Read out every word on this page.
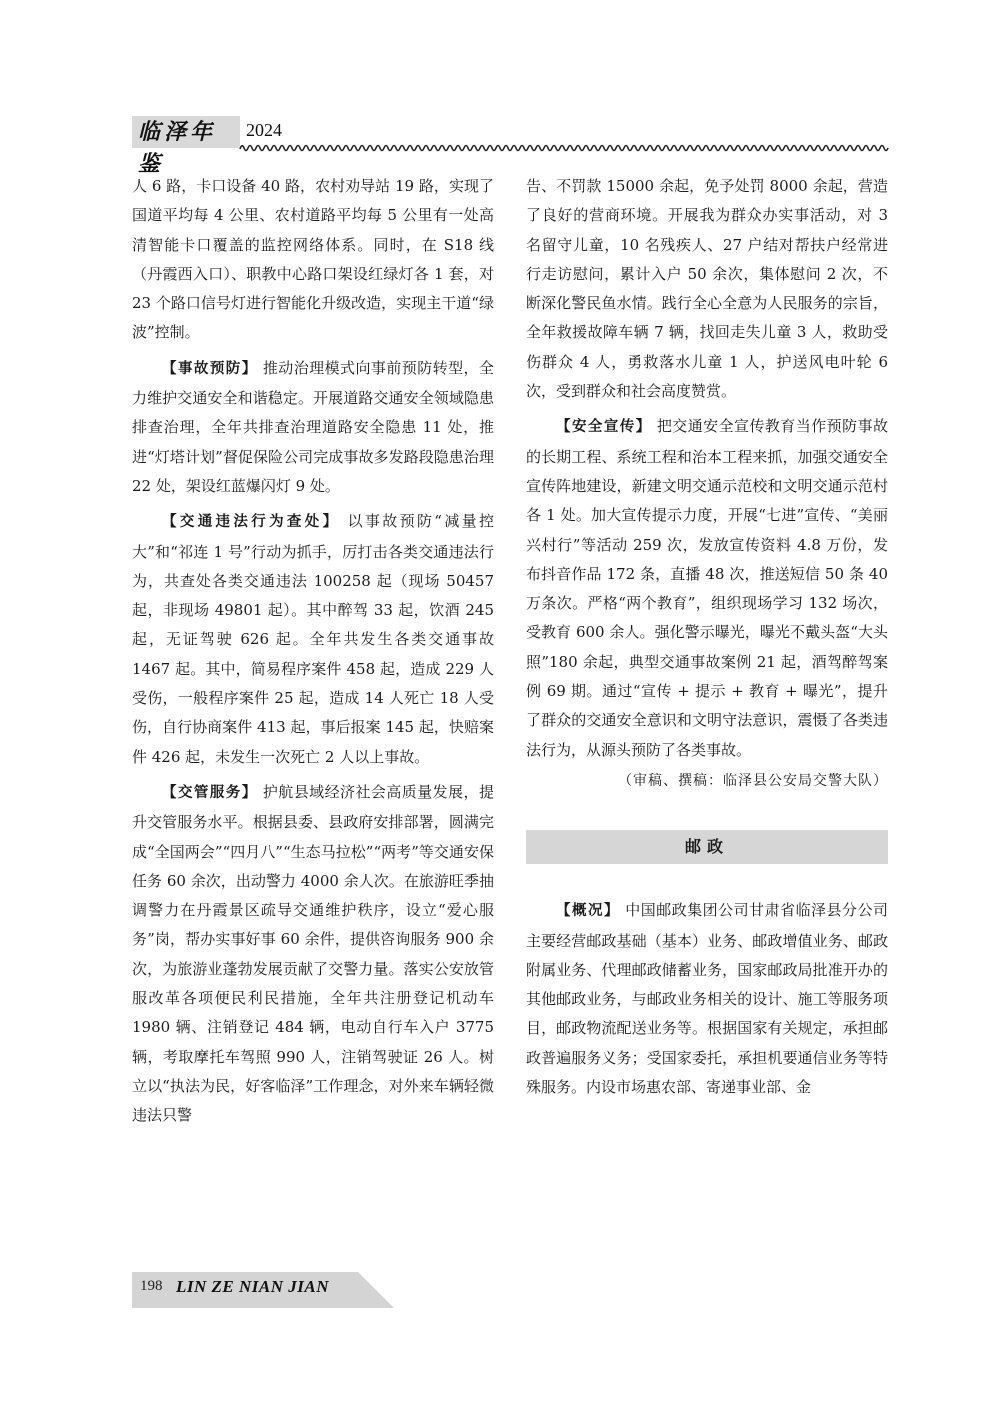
临泽年鉴
2024

人 6 路，卡口设备 40 路，农村劝导站 19 路，实现了国道平均每 4 公里、农村道路平均每 5 公里有一处高清智能卡口覆盖的监控网络体系。同时，在 S18 线（丹霞西入口）、职教中心路口架设红绿灯各 1 套，对 23 个路口信号灯进行智能化升级改造，实现主干道“绿波”控制。

【事故预防】 推动治理模式向事前预防转型，全力维护交通安全和谐稳定。开展道路交通安全领域隐患排查治理，全年共排查治理道路安全隐患 11 处，推进“灯塔计划”督促保险公司完成事故多发路段隐患治理 22 处，架设红蓝爆闪灯 9 处。

【交通违法行为查处】 以事故预防“减量控大”和“祁连 1 号”行动为抓手，厉打击各类交通违法行为，共查处各类交通违法 100258 起（现场 50457 起，非现场 49801 起）。其中醉驾 33 起，饮酒 245 起，无证驾驶 626 起。全年共发生各类交通事故 1467 起。其中，简易程序案件 458 起，造成 229 人受伤，一般程序案件 25 起，造成 14 人死亡 18 人受伤，自行协商案件 413 起，事后报案 145 起，快赔案件 426 起，未发生一次死亡 2 人以上事故。

【交管服务】 护航县域经济社会高质量发展，提升交管服务水平。根据县委、县政府安排部署，圆满完成“全国两会”“四月八”“生态马拉松”“两考”等交通安保任务 60 余次，出动警力 4000 余人次。在旅游旺季抽调警力在丹霞景区疏导交通维护秩序，设立“爱心服务”岗，帮办实事好事 60 余件，提供咨询服务 900 余次，为旅游业蓬勃发展贡献了交警力量。落实公安放管服改革各项便民利民措施，全年共注册登记机动车 1980 辆、注销登记 484 辆，电动自行车入户 3775 辆，考取摩托车驾照 990 人，注销驾驶证 26 人。树立以“执法为民，好客临泽”工作理念，对外来车辆轻微违法只警

告、不罚款 15000 余起，免予处罚 8000 余起，营造了良好的营商环境。开展我为群众办实事活动，对 3 名留守儿童，10 名残疾人、27 户结对帮扶户经常进行走访慰问，累计入户 50 余次，集体慰问 2 次，不断深化警民鱼水情。践行全心全意为人民服务的宗旨，全年救援故障车辆 7 辆，找回走失儿童 3 人，救助受伤群众 4 人，勇救落水儿童 1 人，护送风电叶轮 6 次，受到群众和社会高度赞赏。

【安全宣传】 把交通安全宣传教育当作预防事故的长期工程、系统工程和治本工程来抓，加强交通安全宣传阵地建设，新建文明交通示范校和文明交通示范村各 1 处。加大宣传提示力度，开展“七进”宣传、“美丽兴村行”等活动 259 次，发放宣传资料 4.8 万份，发布抖音作品 172 条，直播 48 次，推送短信 50 条 40 万条次。严格“两个教育”，组织现场学习 132 场次，受教育 600 余人。强化警示曝光，曝光不戴头盔“大头照”180 余起，典型交通事故案例 21 起，酒驾醉驾案例 69 期。通过“宣传 + 提示 + 教育 + 曝光”，提升了群众的交通安全意识和文明守法意识，震慑了各类违法行为，从源头预防了各类事故。

（审稿、撰稿：临泽县公安局交警大队）

邮政

【概况】 中国邮政集团公司甘肃省临泽县分公司主要经营邮政基础（基本）业务、邮政增值业务、邮政附属业务、代理邮政储蓄业务，国家邮政局批准开办的其他邮政业务，与邮政业务相关的设计、施工等服务项目，邮政物流配送业务等。根据国家有关规定，承担邮政普遍服务义务；受国家委托，承担机要通信业务等特殊服务。内设市场惠农部、寄递事业部、金

198 LIN ZE NIAN JIAN
